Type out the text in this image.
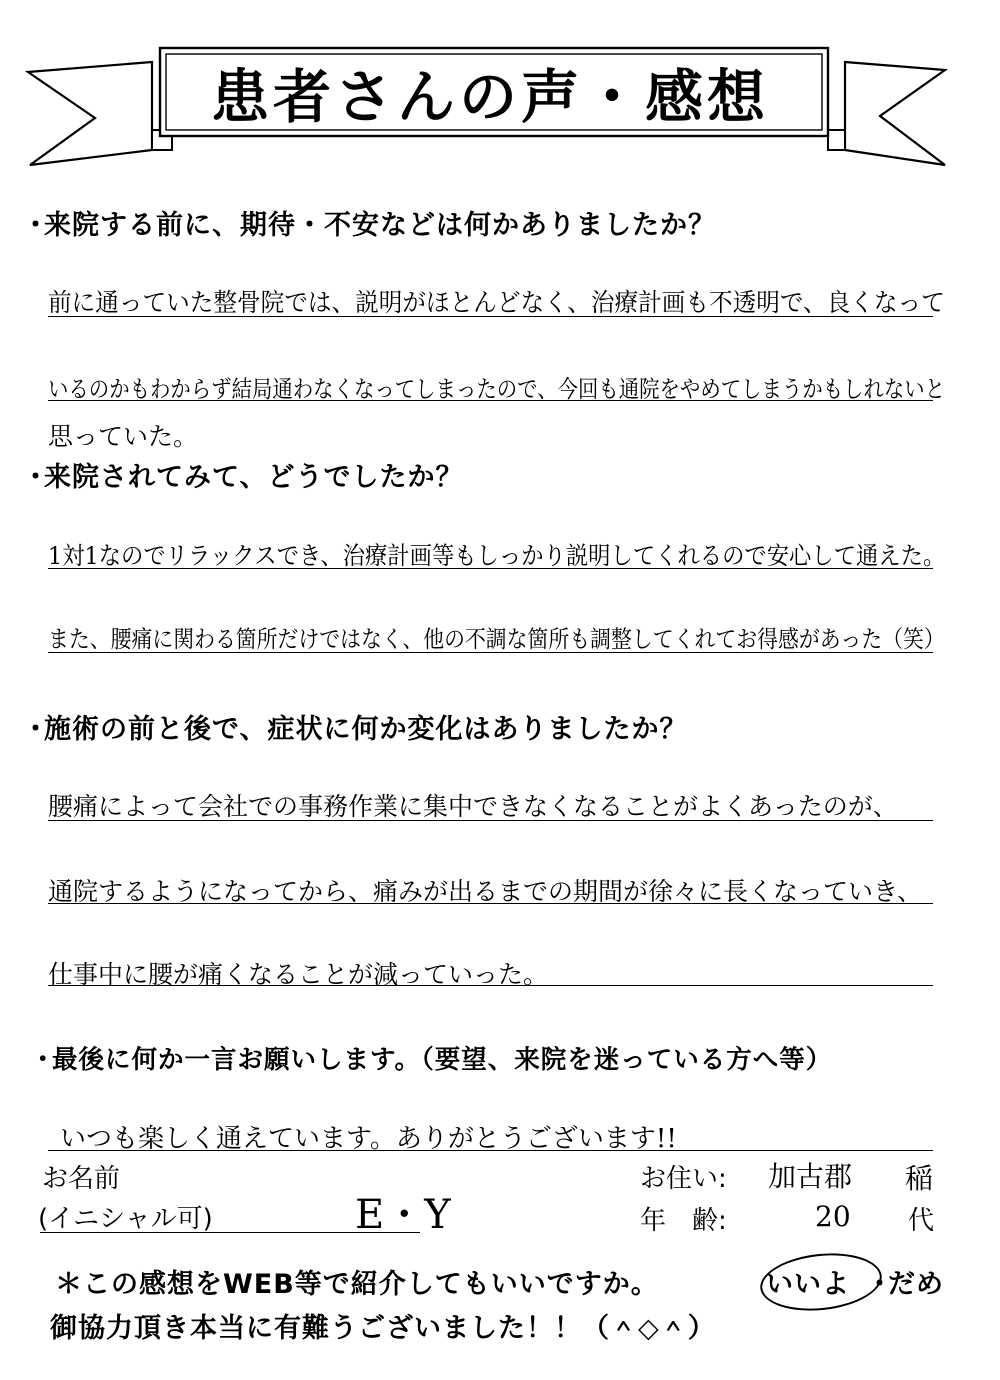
患者さんの声・感想
・来院する前に、期待・不安などは何かありましたか？
前に通っていた整骨院では、説明がほとんどなく、治療計画も不透明で、良くなって
いるのかもわからず結局通わなくなってしまったので、今回も通院をやめてしまうかもしれないと
思っていた。
・来院されてみて、どうでしたか？
1対1なのでリラックスでき、治療計画等もしっかり説明してくれるので安心して通えた。
また、腰痛に関わる箇所だけではなく、他の不調な箇所も調整してくれてお得感があった（笑）
・施術の前と後で、症状に何か変化はありましたか？
腰痛によって会社での事務作業に集中できなくなることがよくあったのが、
通院するようになってから、痛みが出るまでの期間が徐々に長くなっていき、
仕事中に腰が痛くなることが減っていった。
・最後に何か一言お願いします。（要望、来院を迷っている方へ等）
いつも楽しく通えています。ありがとうございます!!
お名前
(イニシャル可)	E・Y
お住い: 加古郡 稲
年　齢:	20 代
＊この感想をWEB等で紹介してもいいですか。	いいよ ・
だめ
御協力頂き本当に有難うございました！！（＾◇＾）
